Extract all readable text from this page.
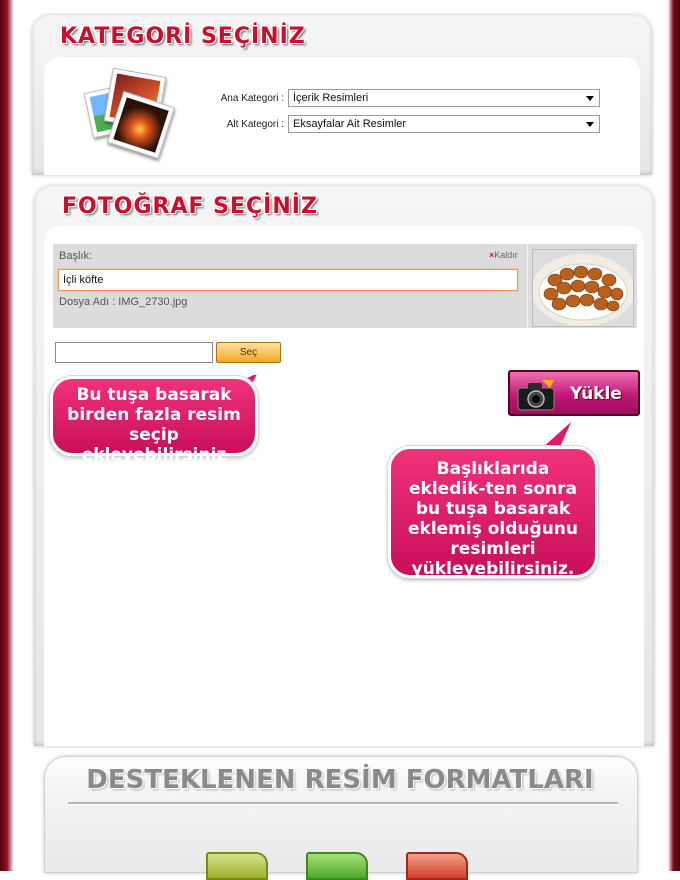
KATEGORİ SEÇİNİZ
Ana Kategori : İçerik Resimleri
Alt Kategori : Eksayfalar Ait Resimler
FOTOĞRAF SEÇİNİZ
Başlık:	×Kaldır
İçli köfte
Dosya Adı : IMG_2730.jpg
Seç
Bu tuşa basarak birden fazla resim seçip ekleyebilirsiniz
Yükle
Başlıklarıda ekledik-ten sonra bu tuşa basarak eklemiş olduğunu resimleri yükleyebilirsiniz.
DESTEKLENEN RESİM FORMATLARI
